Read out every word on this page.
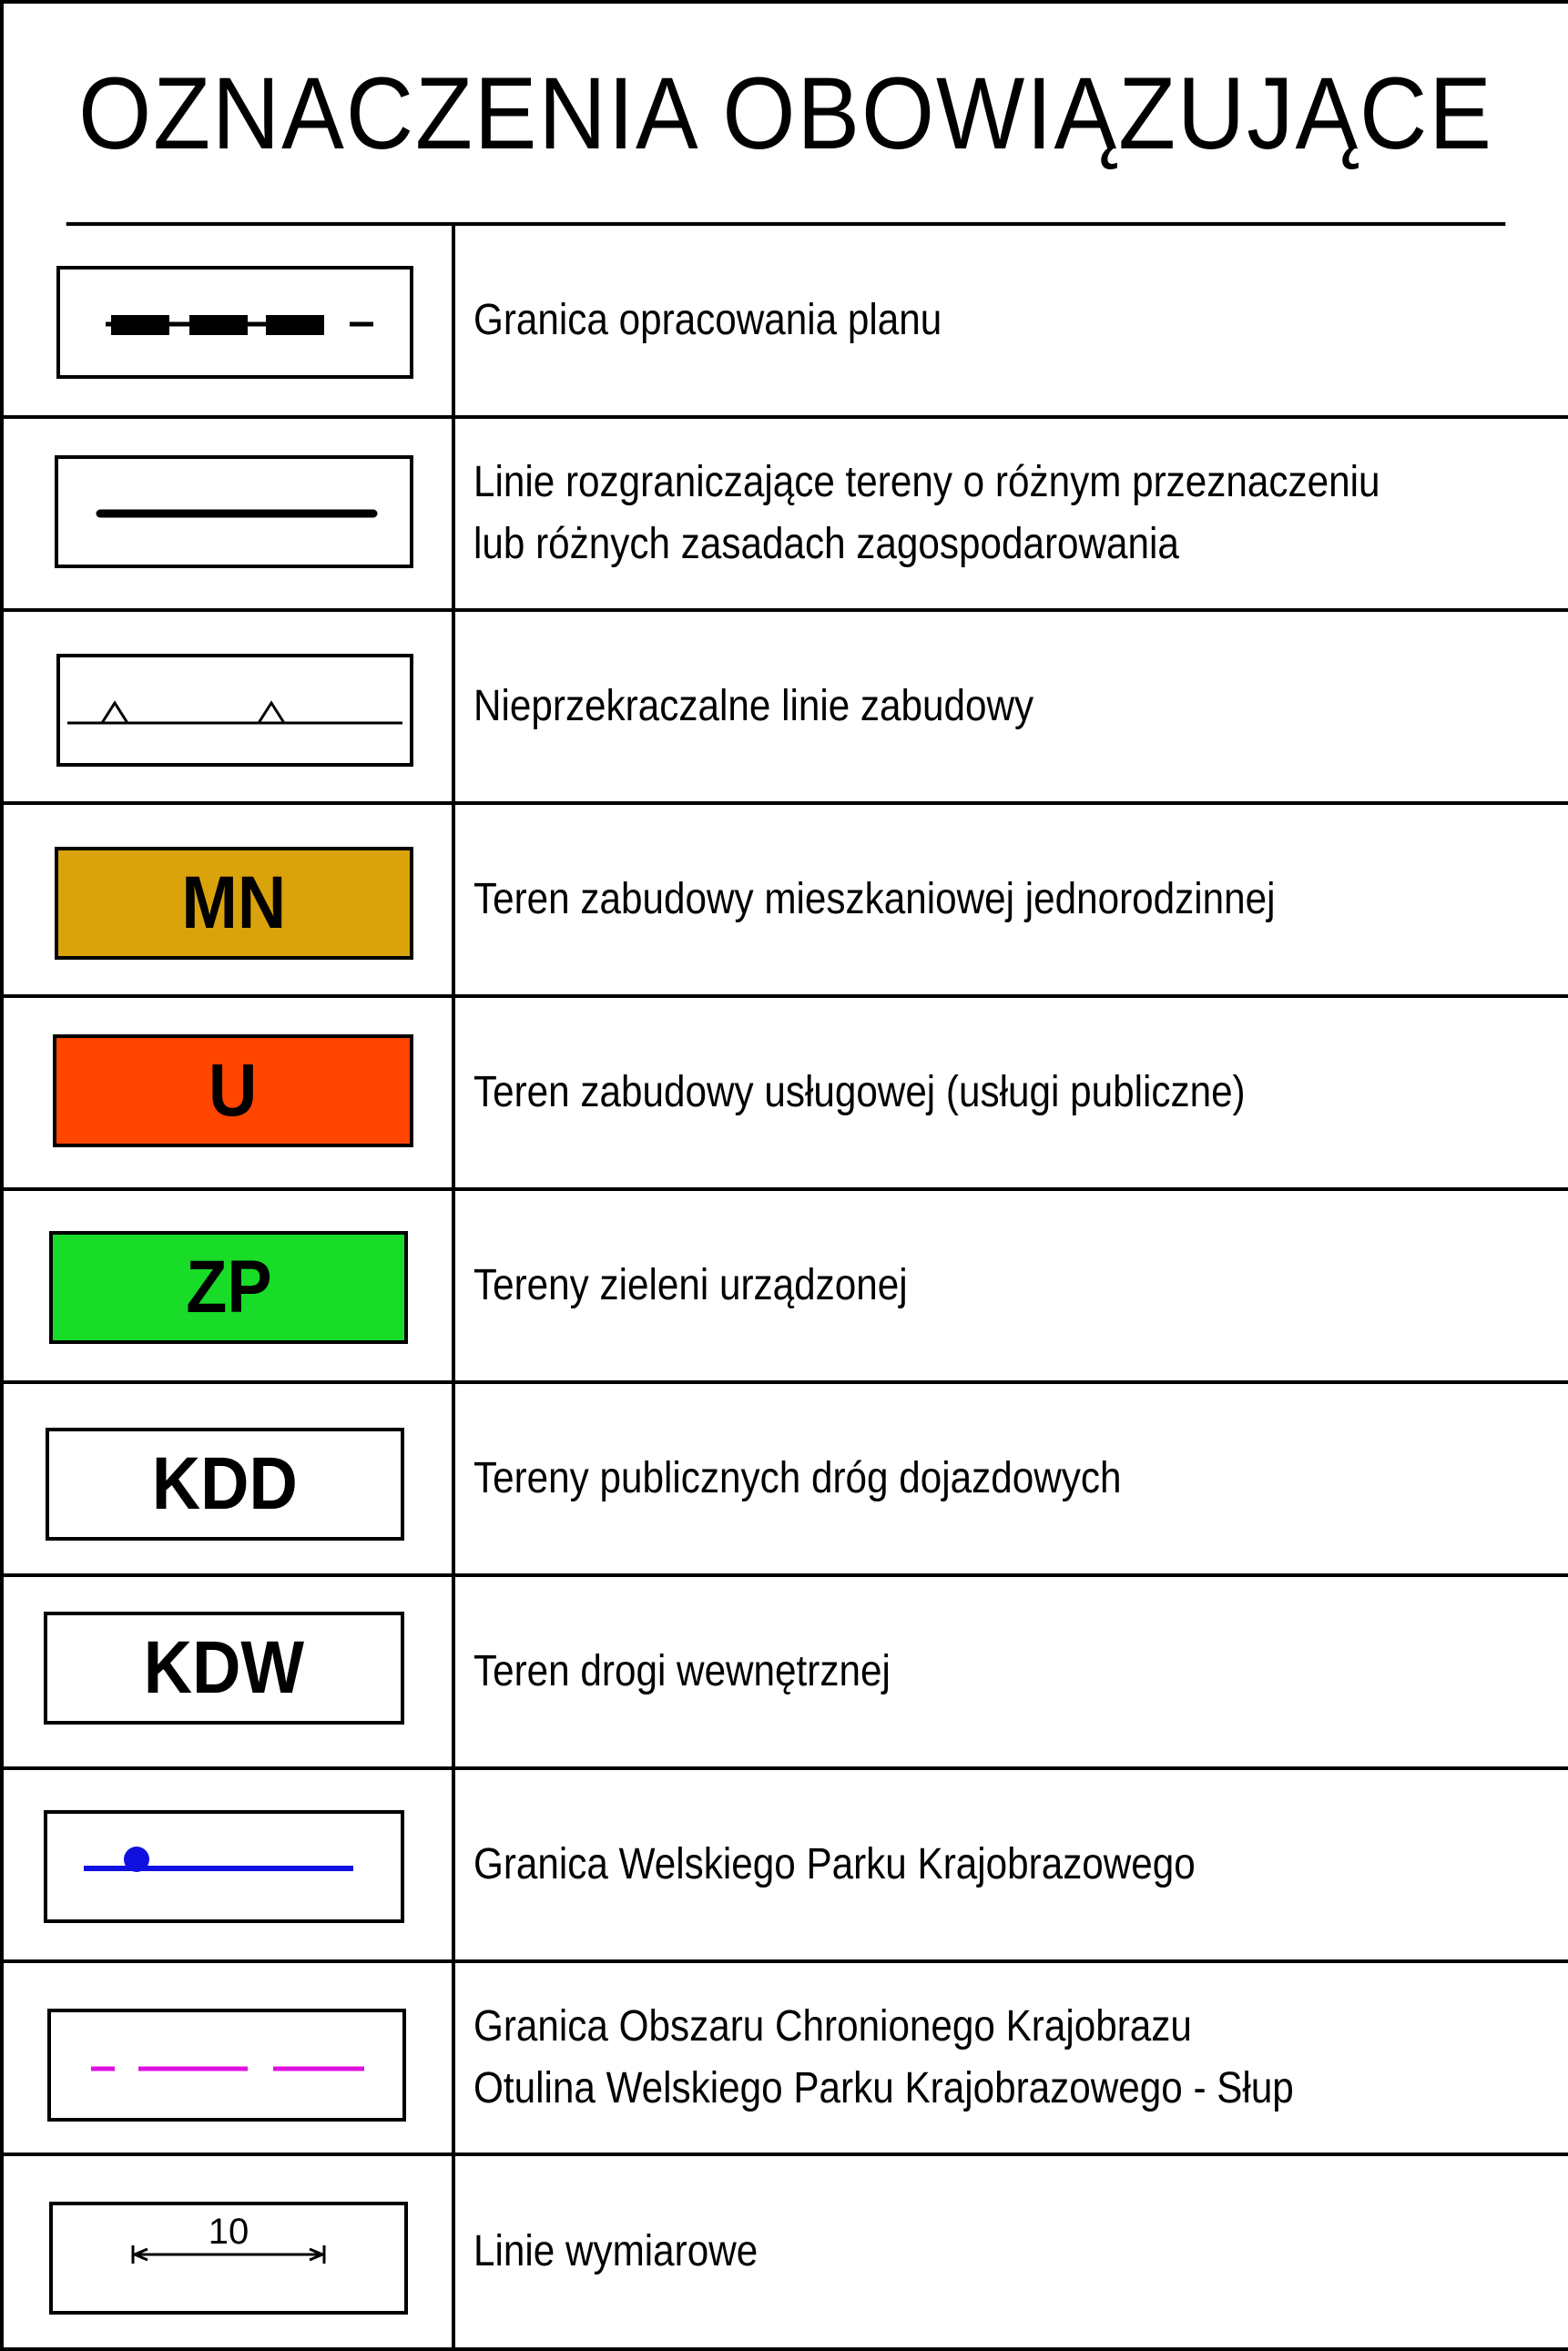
OZNACZENIA OBOWIĄZUJĄCE
Granica opracowania planu
Linie rozgraniczające tereny o różnym przeznaczeniu
lub różnych zasadach zagospodarowania
Nieprzekraczalne linie zabudowy
MN	Teren zabudowy mieszkaniowej jednorodzinnej
U	Teren zabudowy usługowej (usługi publiczne)
ZP	Tereny zieleni urządzonej
KDD	Tereny publicznych dróg dojazdowych
KDW	Teren drogi wewnętrznej
Granica Welskiego Parku Krajobrazowego
Granica Obszaru Chronionego Krajobrazu
Otulina Welskiego Parku Krajobrazowego - Słup
10	Linie wymiarowe
